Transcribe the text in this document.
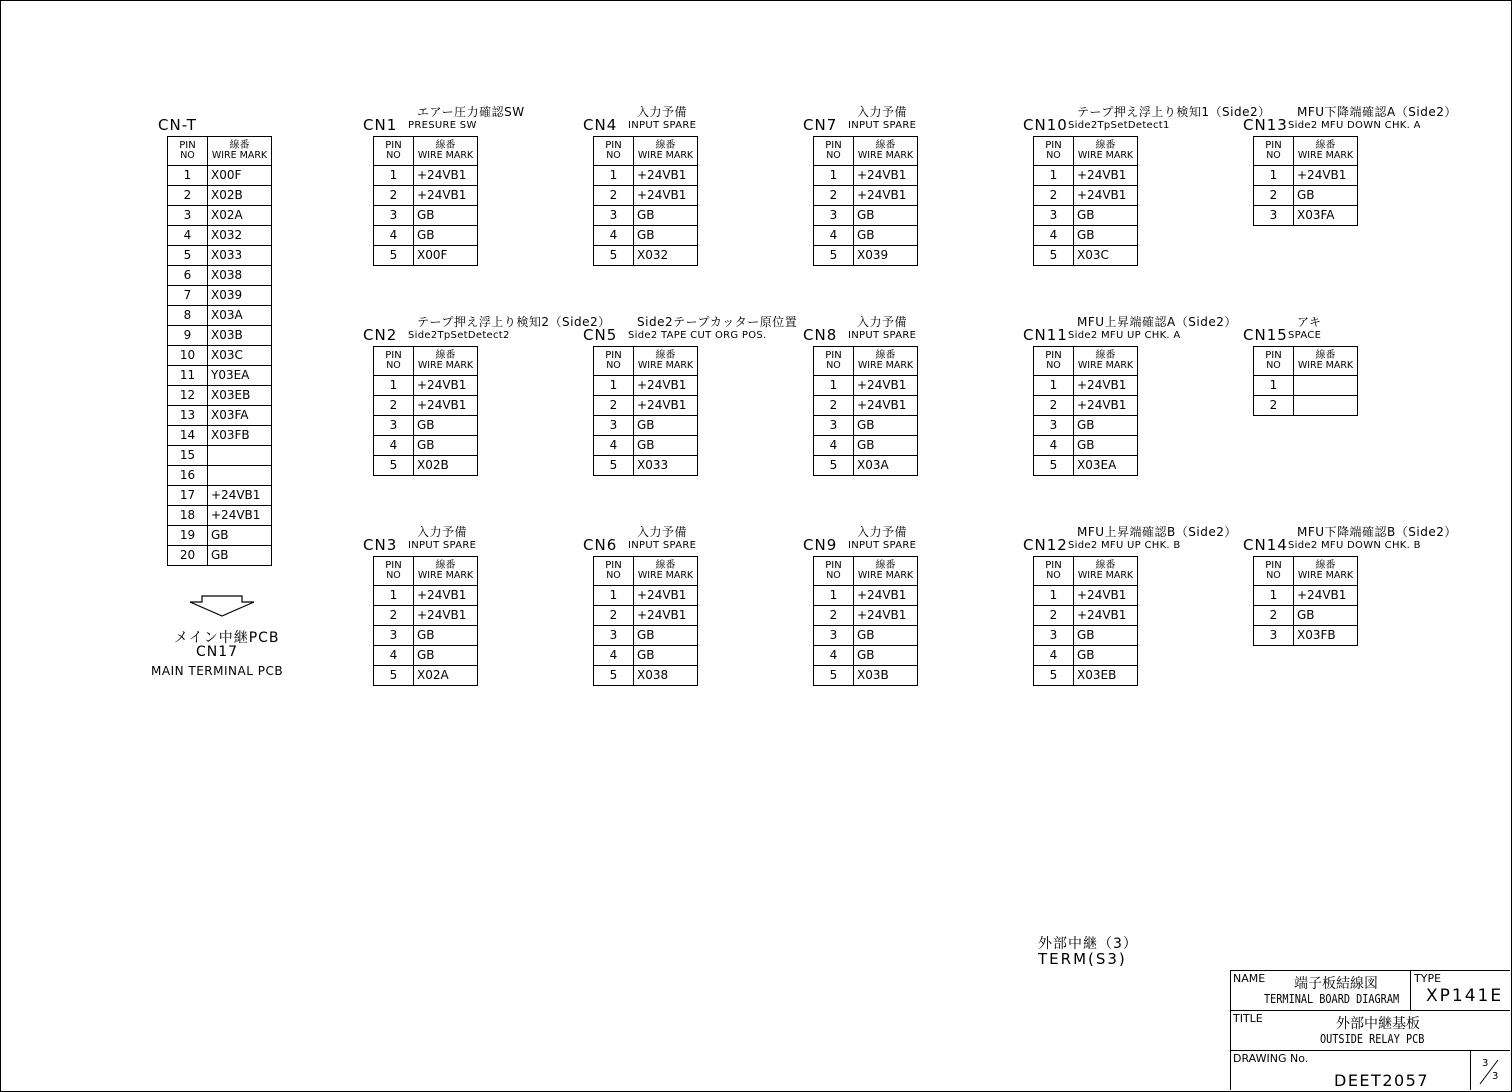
CN-T
PIN
NO	線番
WIRE MARK

1	X00F
2	X02B
3	X02A
4	X032
5	X033
6	X038
7	X039
8	X03A
9	X03B
10	X03C
11	Y03EA
12	X03EB
13	X03FA
14	X03FB
15	
16	
17	+24VB1
18	+24VB1
19	GB
20	GB
メイン中継PCB
CN17
MAIN TERMINAL PCB
CN1
エアー圧力確認SW
PRESURE SW
PIN
NO	線番
WIRE MARK

1	+24VB1
2	+24VB1
3	GB
4	GB
5	X00F
CN2
テープ押え浮上り検知2（Side2）
Side2TpSetDetect2
PIN
NO	線番
WIRE MARK

1	+24VB1
2	+24VB1
3	GB
4	GB
5	X02B
CN3
入力予備
INPUT SPARE
PIN
NO	線番
WIRE MARK

1	+24VB1
2	+24VB1
3	GB
4	GB
5	X02A
CN4
入力予備
INPUT SPARE
PIN
NO	線番
WIRE MARK

1	+24VB1
2	+24VB1
3	GB
4	GB
5	X032
CN5
Side2テープカッター原位置
Side2 TAPE CUT ORG POS.
PIN
NO	線番
WIRE MARK

1	+24VB1
2	+24VB1
3	GB
4	GB
5	X033
CN6
入力予備
INPUT SPARE
PIN
NO	線番
WIRE MARK

1	+24VB1
2	+24VB1
3	GB
4	GB
5	X038
CN7
入力予備
INPUT SPARE
PIN
NO	線番
WIRE MARK

1	+24VB1
2	+24VB1
3	GB
4	GB
5	X039
CN8
入力予備
INPUT SPARE
PIN
NO	線番
WIRE MARK

1	+24VB1
2	+24VB1
3	GB
4	GB
5	X03A
CN9
入力予備
INPUT SPARE
PIN
NO	線番
WIRE MARK

1	+24VB1
2	+24VB1
3	GB
4	GB
5	X03B
CN10
テープ押え浮上り検知1（Side2）
Side2TpSetDetect1
PIN
NO	線番
WIRE MARK

1	+24VB1
2	+24VB1
3	GB
4	GB
5	X03C
CN11
MFU上昇端確認A（Side2）
Side2 MFU UP CHK. A
PIN
NO	線番
WIRE MARK

1	+24VB1
2	+24VB1
3	GB
4	GB
5	X03EA
CN12
MFU上昇端確認B（Side2）
Side2 MFU UP CHK. B
PIN
NO	線番
WIRE MARK

1	+24VB1
2	+24VB1
3	GB
4	GB
5	X03EB
CN13
MFU下降端確認A（Side2）
Side2 MFU DOWN CHK. A
PIN
NO	線番
WIRE MARK

1	+24VB1
2	GB
3	X03FA
CN14
MFU下降端確認B（Side2）
Side2 MFU DOWN CHK. B
PIN
NO	線番
WIRE MARK

1	+24VB1
2	GB
3	X03FB
CN15
アキ
SPACE
PIN
NO	線番
WIRE MARK

1	
2	
外部中継（3）
TERM(S3)
NAME 端子板結線図
TERMINAL BOARD DIAGRAM
TYPE
XP141E
TITLE	外部中継基板
OUTSIDE RELAY PCB
DRAWING No.
DEET2057
3
3
